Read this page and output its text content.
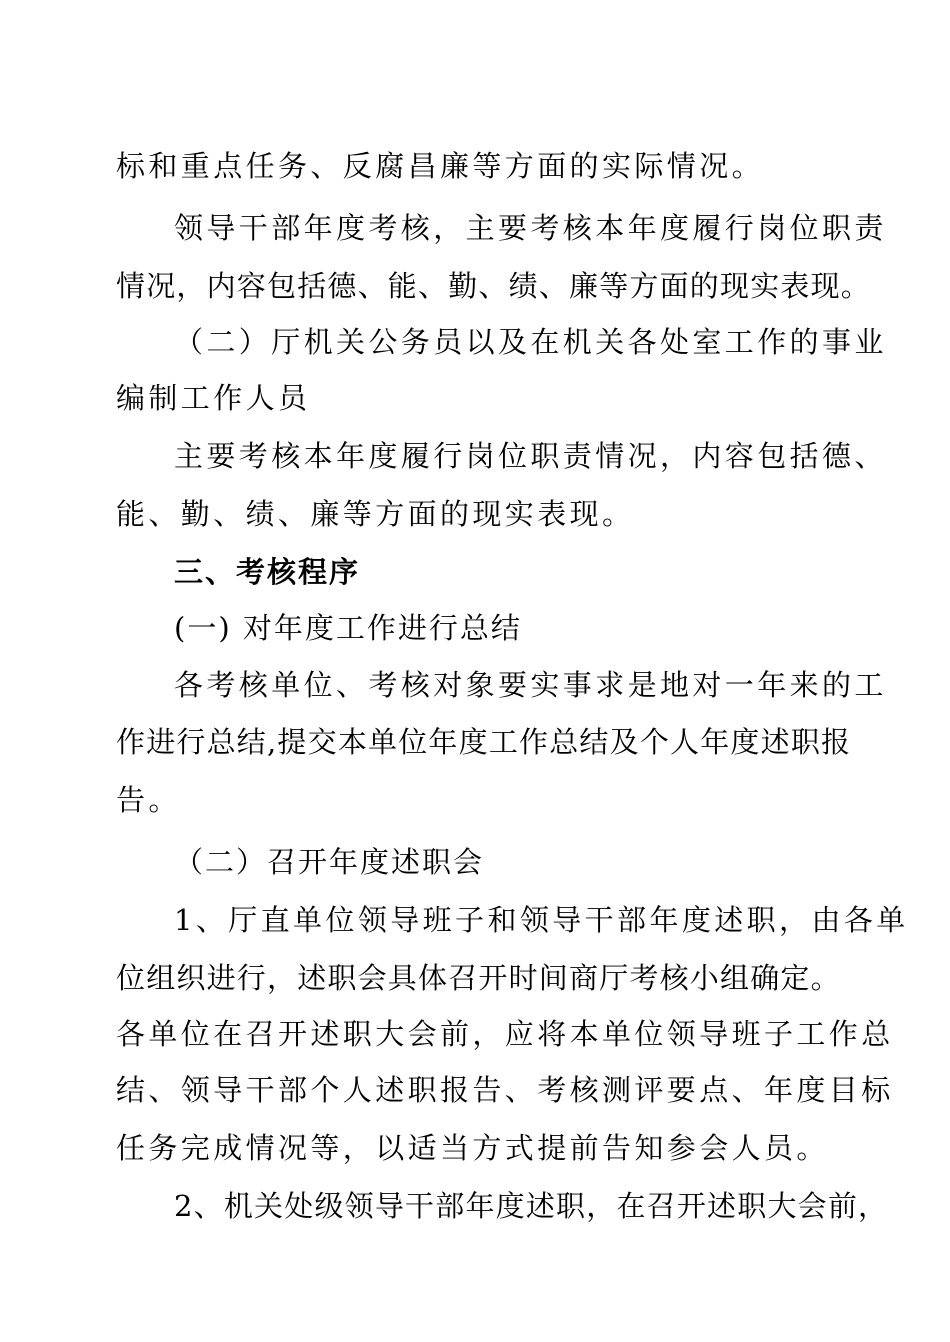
标和重点任务、反腐昌廉等方面的实际情况。
领导干部年度考核，主要考核本年度履行岗位职责
情况，内容包括德、能、勤、绩、廉等方面的现实表现。
（二）厅机关公务员以及在机关各处室工作的事业
编制工作人员
主要考核本年度履行岗位职责情况，内容包括德、
能、勤、绩、廉等方面的现实表现。
三、考核程序
(一) 对年度工作进行总结
各考核单位、考核对象要实事求是地对一年来的工
作进行总结,提交本单位年度工作总结及个人年度述职报
告。
（二）召开年度述职会
1、厅直单位领导班子和领导干部年度述职，由各单
位组织进行，述职会具体召开时间商厅考核小组确定。
各单位在召开述职大会前，应将本单位领导班子工作总
结、领导干部个人述职报告、考核测评要点、年度目标
任务完成情况等，以适当方式提前告知参会人员。
2、机关处级领导干部年度述职，在召开述职大会前，
